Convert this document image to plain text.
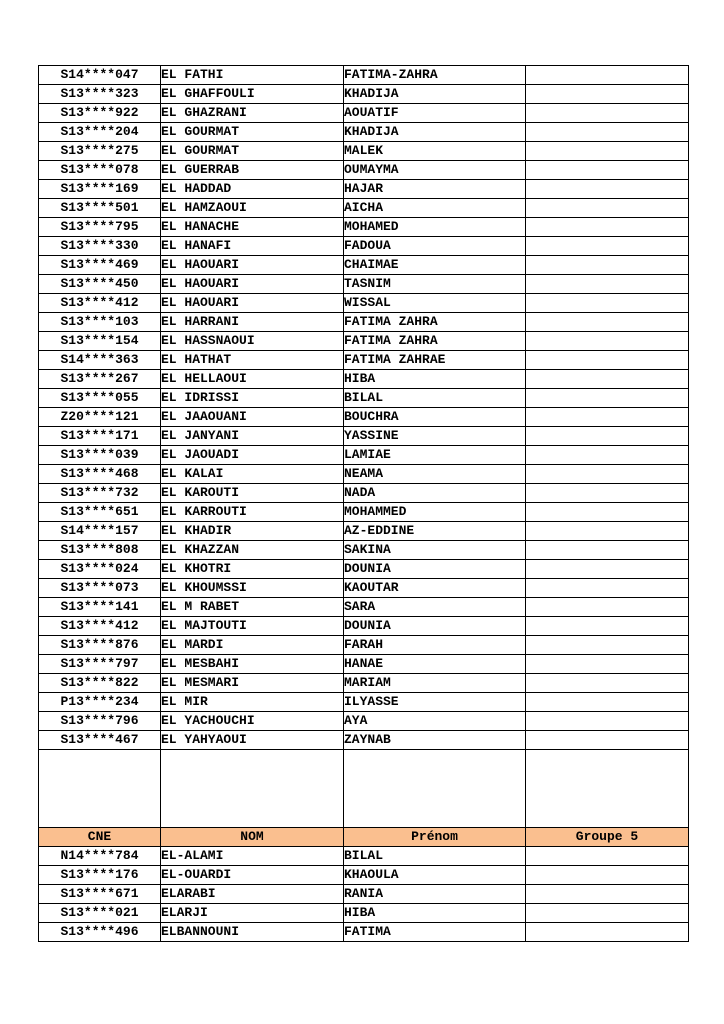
S14****047	EL FATHI	FATIMA-ZAHRA	
S13****323	EL GHAFFOULI	KHADIJA	
S13****922	EL GHAZRANI	AOUATIF	
S13****204	EL GOURMAT	KHADIJA	
S13****275	EL GOURMAT	MALEK	
S13****078	EL GUERRAB	OUMAYMA	
S13****169	EL HADDAD	HAJAR	
S13****501	EL HAMZAOUI	AICHA	
S13****795	EL HANACHE	MOHAMED	
S13****330	EL HANAFI	FADOUA	
S13****469	EL HAOUARI	CHAIMAE	
S13****450	EL HAOUARI	TASNIM	
S13****412	EL HAOUARI	WISSAL	
S13****103	EL HARRANI	FATIMA ZAHRA	
S13****154	EL HASSNAOUI	FATIMA ZAHRA	
S14****363	EL HATHAT	FATIMA ZAHRAE	
S13****267	EL HELLAOUI	HIBA	
S13****055	EL IDRISSI	BILAL	
Z20****121	EL JAAOUANI	BOUCHRA	
S13****171	EL JANYANI	YASSINE	
S13****039	EL JAOUADI	LAMIAE	
S13****468	EL KALAI	NEAMA	
S13****732	EL KAROUTI	NADA	
S13****651	EL KARROUTI	MOHAMMED	
S14****157	EL KHADIR	AZ-EDDINE	
S13****808	EL KHAZZAN	SAKINA	
S13****024	EL KHOTRI	DOUNIA	
S13****073	EL KHOUMSSI	KAOUTAR	
S13****141	EL M RABET	SARA	
S13****412	EL MAJTOUTI	DOUNIA	
S13****876	EL MARDI	FARAH	
S13****797	EL MESBAHI	HANAE	
S13****822	EL MESMARI	MARIAM	
P13****234	EL MIR	ILYASSE	
S13****796	EL YACHOUCHI	AYA	
S13****467	EL YAHYAOUI	ZAYNAB	

CNE	NOM	Prénom	Groupe 5
N14****784	EL-ALAMI	BILAL	
S13****176	EL-OUARDI	KHAOULA	
S13****671	ELARABI	RANIA	
S13****021	ELARJI	HIBA	
S13****496	ELBANNOUNI	FATIMA	
